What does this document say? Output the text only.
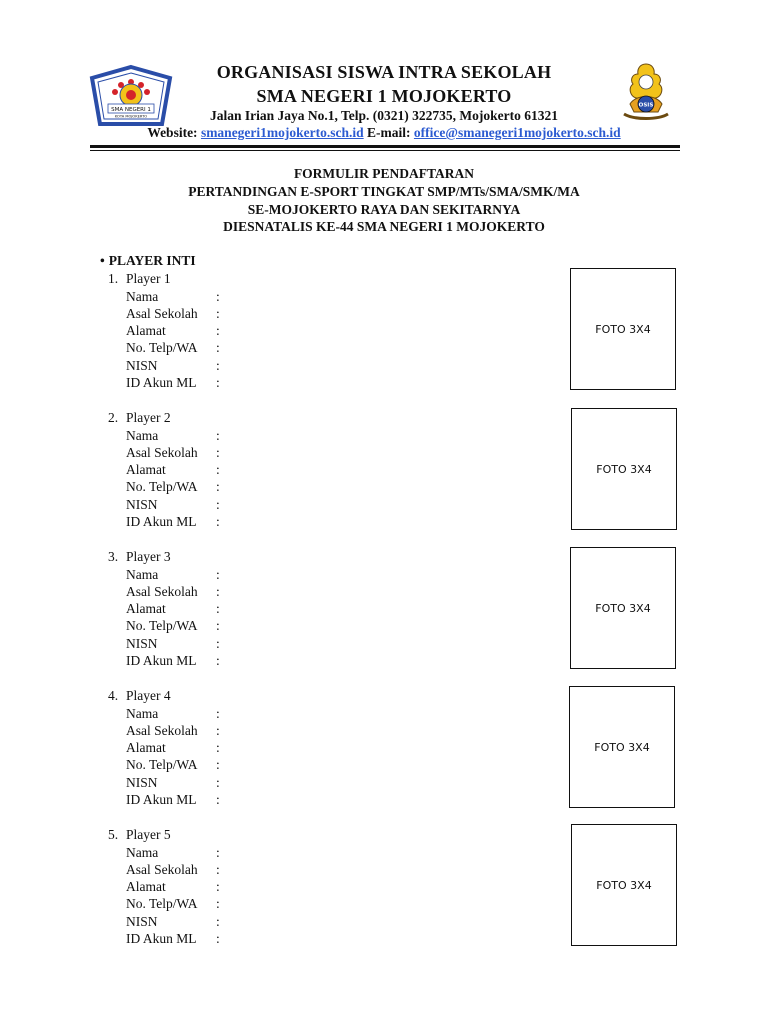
SMA NEGERI 1
KOTA MOJOKERTO
OSIS
ORGANISASI SISWA INTRA SEKOLAH
SMA NEGERI 1 MOJOKERTO
Jalan Irian Jaya No.1, Telp. (0321) 322735, Mojokerto 61321
Website: smanegeri1mojokerto.sch.id E-mail: office@smanegeri1mojokerto.sch.id
FORMULIR PENDAFTARAN
PERTANDINGAN E-SPORT TINGKAT SMP/MTs/SMA/SMK/MA
SE-MOJOKERTO RAYA DAN SEKITARNYA
DIESNATALIS KE-44 SMA NEGERI 1 MOJOKERTO
• PLAYER INTI
1. Player 1
Nama	:
Asal Sekolah :
Alamat	:
No. Telp/WA :
NISN	:
ID Akun ML :
FOTO 3X4
2. Player 2
Nama	:
Asal Sekolah :
Alamat	:
No. Telp/WA :
NISN	:
ID Akun ML :
FOTO 3X4
3. Player 3
Nama	:
Asal Sekolah :
Alamat	:
No. Telp/WA :
NISN	:
ID Akun ML :
FOTO 3X4
4. Player 4
Nama	:
Asal Sekolah :
Alamat	:
No. Telp/WA :
NISN	:
ID Akun ML :
FOTO 3X4
5. Player 5
Nama	:
Asal Sekolah :
Alamat	:
No. Telp/WA :
NISN	:
ID Akun ML :
FOTO 3X4
